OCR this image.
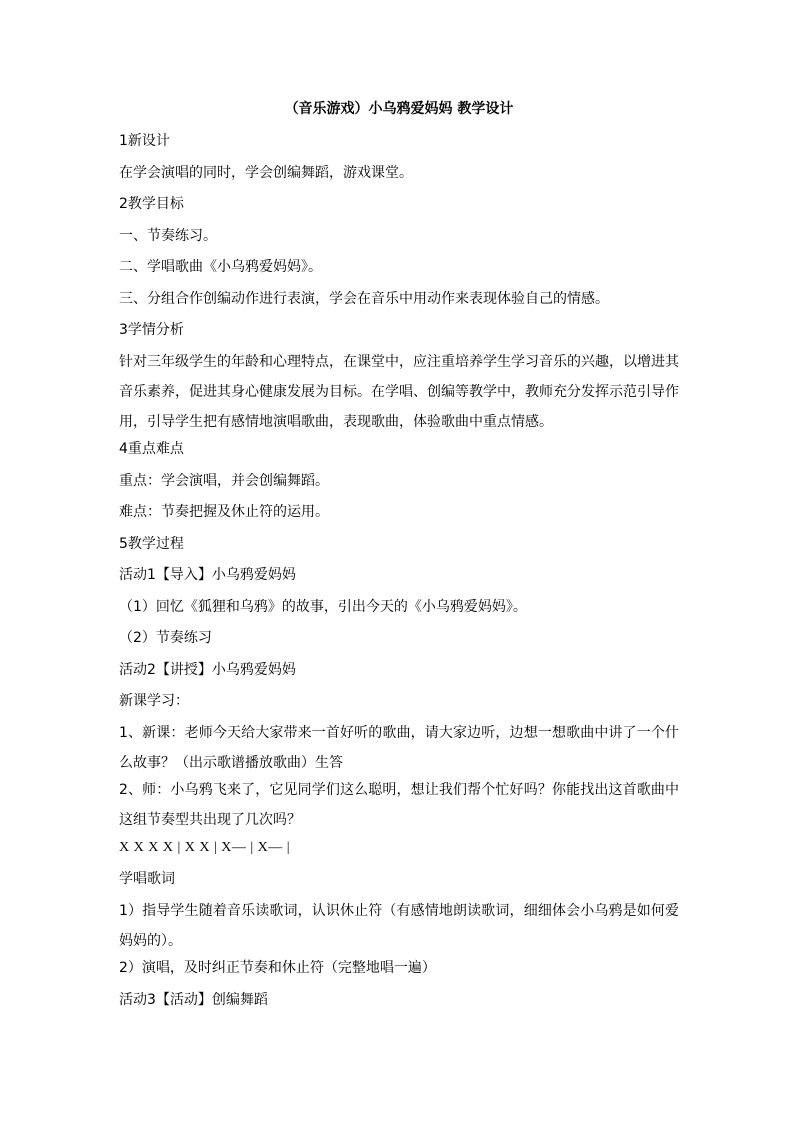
（音乐游戏）小乌鸦爱妈妈 教学设计
1新设计
在学会演唱的同时，学会创编舞蹈，游戏课堂。
2教学目标
一、节奏练习。
二、学唱歌曲《小乌鸦爱妈妈》。
三、分组合作创编动作进行表演，学会在音乐中用动作来表现体验自己的情感。
3学情分析
针对三年级学生的年龄和心理特点，在课堂中，应注重培养学生学习音乐的兴趣，以增进其音乐素养，促进其身心健康发展为目标。在学唱、创编等教学中，教师充分发挥示范引导作用，引导学生把有感情地演唱歌曲，表现歌曲，体验歌曲中重点情感。
4重点难点
重点：学会演唱，并会创编舞蹈。
难点：节奏把握及休止符的运用。
5教学过程
活动1【导入】小乌鸦爱妈妈
（1）回忆《狐狸和乌鸦》的故事，引出今天的《小乌鸦爱妈妈》。
（2）节奏练习
活动2【讲授】小乌鸦爱妈妈
新课学习：
1、新课：老师今天给大家带来一首好听的歌曲，请大家边听，边想一想歌曲中讲了一个什么故事？（出示歌谱播放歌曲）生答
2、师：小乌鸦飞来了，它见同学们这么聪明，想让我们帮个忙好吗？你能找出这首歌曲中这组节奏型共出现了几次吗？
X X X X | X X | X— | X— |
学唱歌词
1）指导学生随着音乐读歌词，认识休止符（有感情地朗读歌词，细细体会小乌鸦是如何爱妈妈的）。
2）演唱，及时纠正节奏和休止符（完整地唱一遍）
活动3【活动】创编舞蹈
